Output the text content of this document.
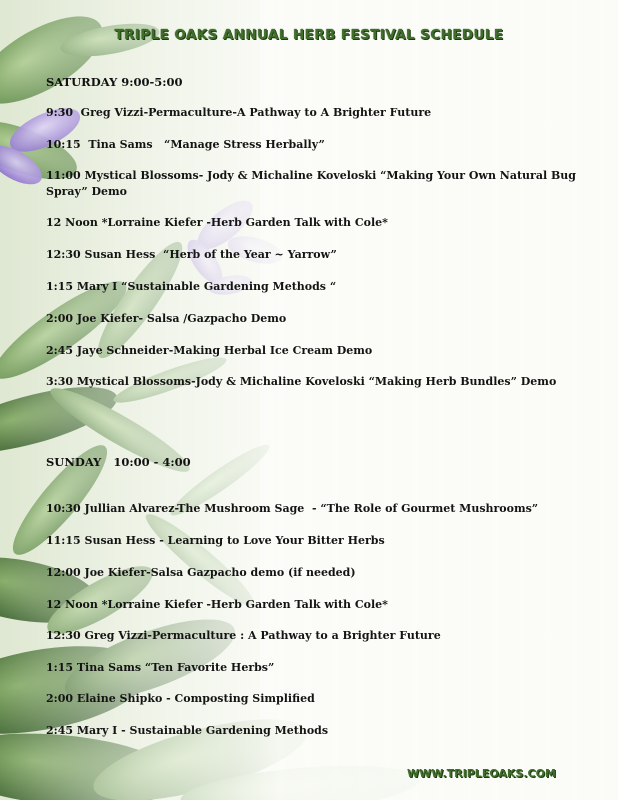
TRIPLE OAKS ANNUAL HERB FESTIVAL SCHEDULE
SATURDAY 9:00-5:00
9:30  Greg Vizzi-Permaculture-A Pathway to A Brighter Future
10:15  Tina Sams   “Manage Stress Herbally”
11:00 Mystical Blossoms- Jody & Michaline Koveloski “Making Your Own Natural Bug Spray” Demo
12 Noon *Lorraine Kiefer -Herb Garden Talk with Cole*
12:30 Susan Hess  “Herb of the Year ~ Yarrow”
1:15 Mary I “Sustainable Gardening Methods “
2:00 Joe Kiefer- Salsa /Gazpacho Demo
2:45 Jaye Schneider-Making Herbal Ice Cream Demo
3:30 Mystical Blossoms-Jody & Michaline Koveloski “Making Herb Bundles” Demo
SUNDAY   10:00 - 4:00
10:30 Jullian Alvarez-The Mushroom Sage  - “The Role of Gourmet Mushrooms”
11:15 Susan Hess - Learning to Love Your Bitter Herbs
12:00 Joe Kiefer-Salsa Gazpacho demo (if needed)
12 Noon *Lorraine Kiefer -Herb Garden Talk with Cole*
12:30 Greg Vizzi-Permaculture : A Pathway to a Brighter Future
1:15 Tina Sams “Ten Favorite Herbs”
2:00 Elaine Shipko - Composting Simplified
2:45 Mary I - Sustainable Gardening Methods
WWW.TRIPLEOAKS.COM
